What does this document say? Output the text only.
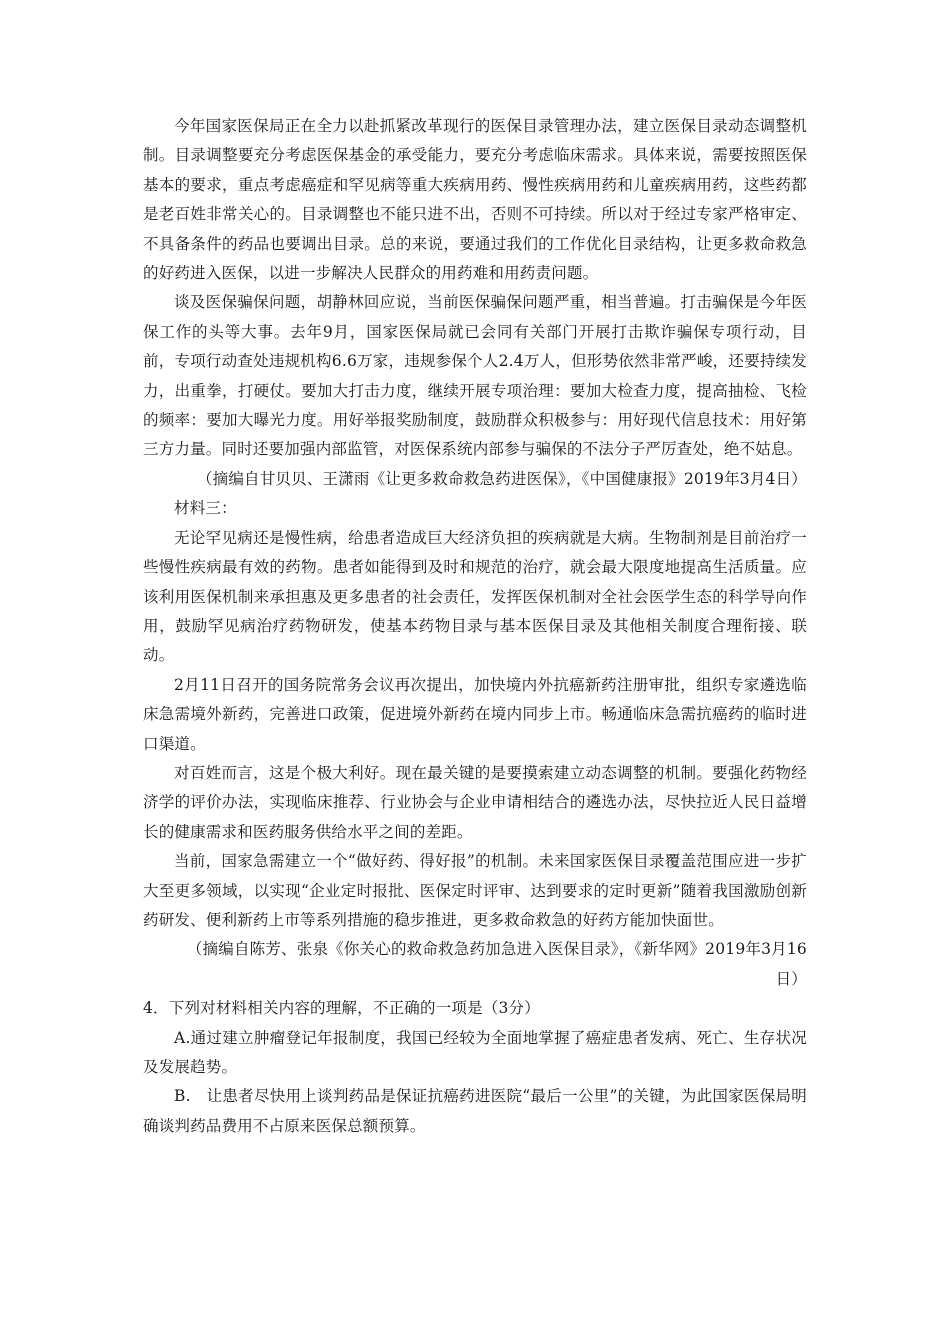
今年国家医保局正在全力以赴抓紧改革现行的医保目录管理办法，建立医保目录动态调整机制。目录调整要充分考虑医保基金的承受能力，要充分考虑临床需求。具体来说，需要按照医保基本的要求，重点考虑癌症和罕见病等重大疾病用药、慢性疾病用药和儿童疾病用药，这些药都是老百姓非常关心的。目录调整也不能只进不出，否则不可持续。所以对于经过专家严格审定、不具备条件的药品也要调出目录。总的来说，要通过我们的工作优化目录结构，让更多救命救急的好药进入医保，以进一步解决人民群众的用药难和用药责问题。

谈及医保骗保问题，胡静林回应说，当前医保骗保问题严重，相当普遍。打击骗保是今年医保工作的头等大事。去年9月，国家医保局就已会同有关部门开展打击欺诈骗保专项行动，目前，专项行动查处违规机构6.6万家，违规参保个人2.4万人，但形势依然非常严峻，还要持续发力，出重拳，打硬仗。要加大打击力度，继续开展专项治理：要加大检查力度，提高抽检、飞检的频率：要加大曝光力度。用好举报奖励制度，鼓励群众积极参与：用好现代信息技术：用好第三方力量。同时还要加强内部监管，对医保系统内部参与骗保的不法分子严厉查处，绝不姑息。

（摘编自甘贝贝、王潇雨《让更多救命救急药进医保》，《中国健康报》2019年3月4日）

材料三：

无论罕见病还是慢性病，给患者造成巨大经济负担的疾病就是大病。生物制剂是目前治疗一些慢性疾病最有效的药物。患者如能得到及时和规范的治疗，就会最大限度地提高生活质量。应该利用医保机制来承担惠及更多患者的社会责任，发挥医保机制对全社会医学生态的科学导向作用，鼓励罕见病治疗药物研发，使基本药物目录与基本医保目录及其他相关制度合理衔接、联动。

2月11日召开的国务院常务会议再次提出，加快境内外抗癌新药注册审批，组织专家遴选临床急需境外新药，完善进口政策，促进境外新药在境内同步上市。畅通临床急需抗癌药的临时进口渠道。

对百姓而言，这是个极大利好。现在最关键的是要摸索建立动态调整的机制。要强化药物经济学的评价办法，实现临床推荐、行业协会与企业申请相结合的遴选办法，尽快拉近人民日益增长的健康需求和医药服务供给水平之间的差距。

当前，国家急需建立一个“做好药、得好报”的机制。未来国家医保目录覆盖范围应进一步扩大至更多领域，以实现“企业定时报批、医保定时评审、达到要求的定时更新”随着我国激励创新药研发、便利新药上市等系列措施的稳步推进，更多救命救急的好药方能加快面世。

（摘编自陈芳、张泉《你关心的救命救急药加急进入医保目录》，《新华网》2019年3月16日）

4．下列对材料相关内容的理解，不正确的一项是（3分）

A.通过建立肿瘤登记年报制度，我国已经较为全面地掌握了癌症患者发病、死亡、生存状况及发展趋势。

B.　让患者尽快用上谈判药品是保证抗癌药进医院“最后一公里”的关键，为此国家医保局明确谈判药品费用不占原来医保总额预算。
